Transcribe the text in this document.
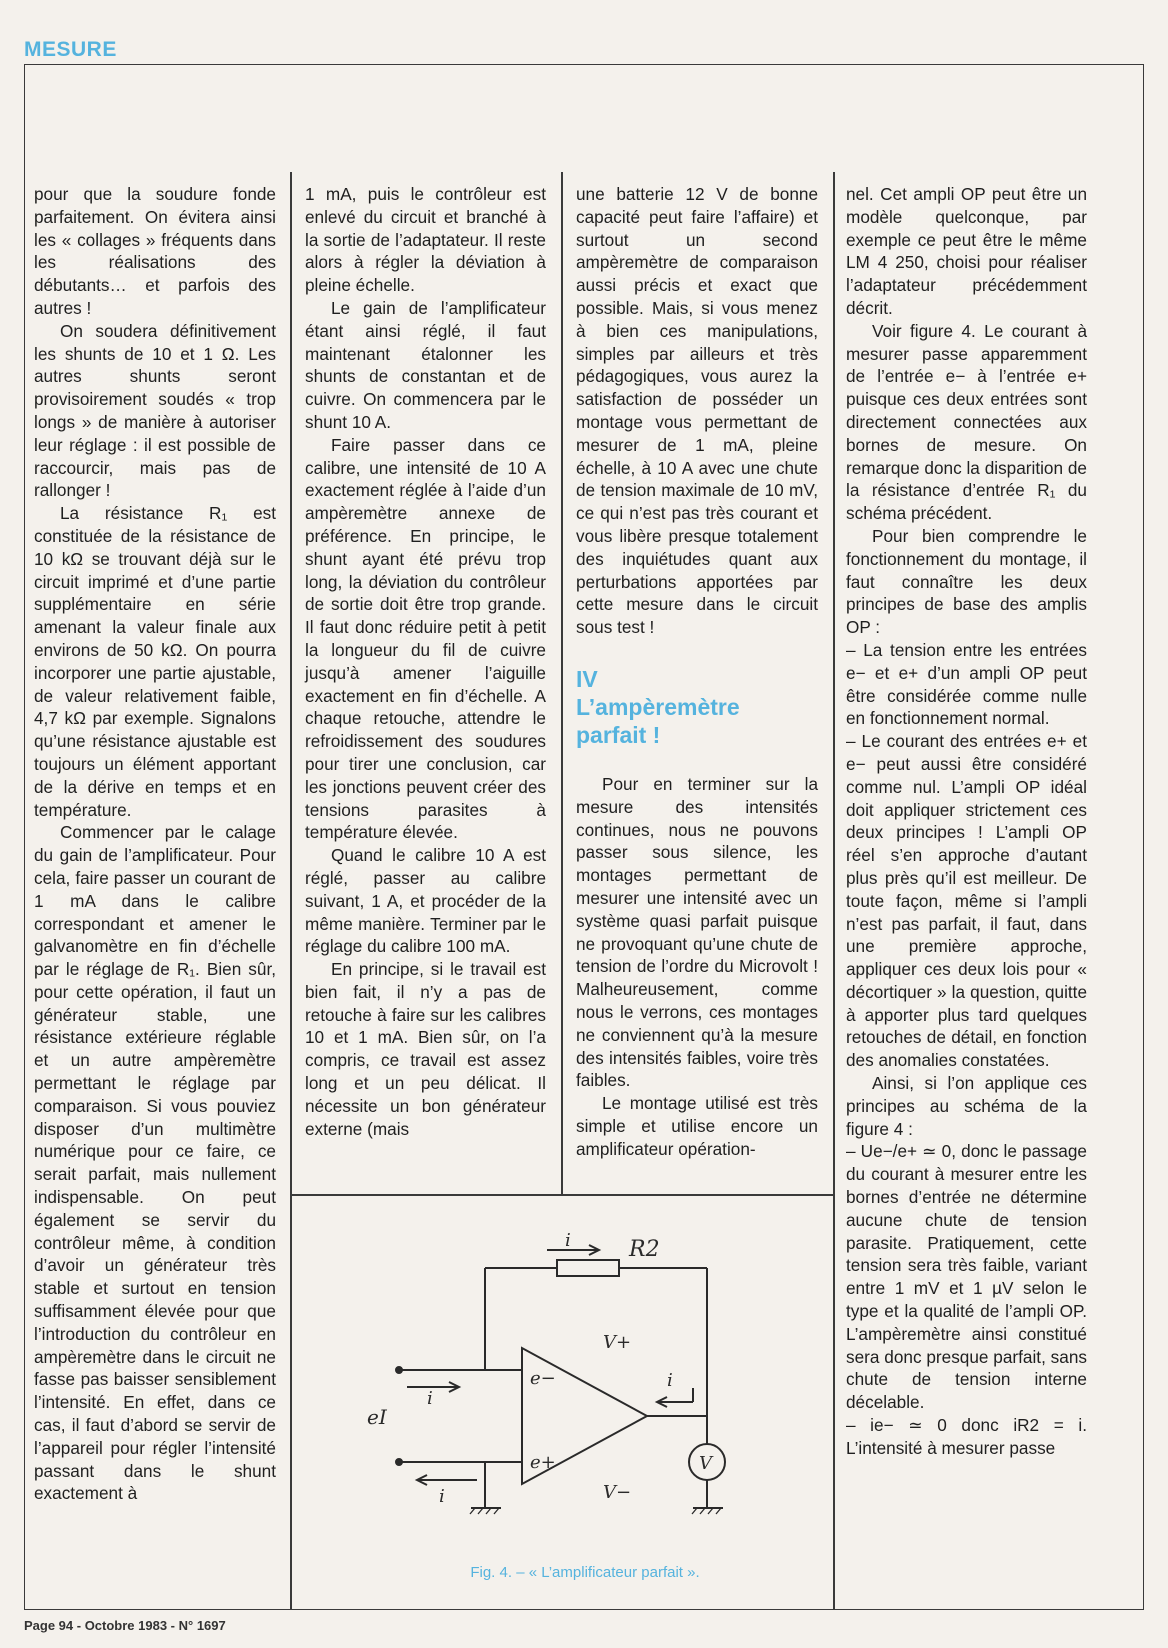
MESURE

pour que la soudure fonde parfaitement. On évitera ainsi les « collages » fréquents dans les réalisations des débutants… et parfois des autres !

On soudera définitivement les shunts de 10 et 1 Ω. Les autres shunts seront provisoirement soudés « trop longs » de manière à autoriser leur réglage : il est possible de raccourcir, mais pas de rallonger !

La résistance R₁ est constituée de la résistance de 10 kΩ se trouvant déjà sur le circuit imprimé et d’une partie supplémentaire en série amenant la valeur finale aux environs de 50 kΩ. On pourra incorporer une partie ajustable, de valeur relativement faible, 4,7 kΩ par exemple. Signalons qu’une résistance ajustable est toujours un élément apportant de la dérive en temps et en température.

Commencer par le calage du gain de l’amplificateur. Pour cela, faire passer un courant de 1 mA dans le calibre correspondant et amener le galvanomètre en fin d’échelle par le réglage de R₁. Bien sûr, pour cette opération, il faut un générateur stable, une résistance extérieure réglable et un autre ampèremètre permettant le réglage par comparaison. Si vous pouviez disposer d’un multimètre numérique pour ce faire, ce serait parfait, mais nullement indispensable. On peut également se servir du contrôleur même, à condition d’avoir un générateur très stable et surtout en tension suffisamment élevée pour que l’introduction du contrôleur en ampèremètre dans le circuit ne fasse pas baisser sensiblement l’intensité. En effet, dans ce cas, il faut d’abord se servir de l’appareil pour régler l’intensité passant dans le shunt exactement à

1 mA, puis le contrôleur est enlevé du circuit et branché à la sortie de l’adaptateur. Il reste alors à régler la déviation à pleine échelle.

Le gain de l’amplificateur étant ainsi réglé, il faut maintenant étalonner les shunts de constantan et de cuivre. On commencera par le shunt 10 A.

Faire passer dans ce calibre, une intensité de 10 A exactement réglée à l’aide d’un ampèremètre annexe de préférence. En principe, le shunt ayant été prévu trop long, la déviation du contrôleur de sortie doit être trop grande. Il faut donc réduire petit à petit la longueur du fil de cuivre jusqu’à amener l’aiguille exactement en fin d’échelle. A chaque retouche, attendre le refroidissement des soudures pour tirer une conclusion, car les jonctions peuvent créer des tensions parasites à température élevée.

Quand le calibre 10 A est réglé, passer au calibre suivant, 1 A, et procéder de la même manière. Terminer par le réglage du calibre 100 mA.

En principe, si le travail est bien fait, il n’y a pas de retouche à faire sur les calibres 10 et 1 mA. Bien sûr, on l’a compris, ce travail est assez long et un peu délicat. Il nécessite un bon générateur externe (mais

une batterie 12 V de bonne capacité peut faire l’affaire) et surtout un second ampèremètre de comparaison aussi précis et exact que possible. Mais, si vous menez à bien ces manipulations, simples par ailleurs et très pédagogiques, vous aurez la satisfaction de posséder un montage vous permettant de mesurer de 1 mA, pleine échelle, à 10 A avec une chute de tension maximale de 10 mV, ce qui n’est pas très courant et vous libère presque totalement des inquiétudes quant aux perturbations apportées par cette mesure dans le circuit sous test !

IV
L’ampèremètre
parfait !

Pour en terminer sur la mesure des intensités continues, nous ne pouvons passer sous silence, les montages permettant de mesurer une intensité avec un système quasi parfait puisque ne provoquant qu’une chute de tension de l’ordre du Microvolt ! Malheureusement, comme nous le verrons, ces montages ne conviennent qu’à la mesure des intensités faibles, voire très faibles.

Le montage utilisé est très simple et utilise encore un amplificateur opération-

nel. Cet ampli OP peut être un modèle quelconque, par exemple ce peut être le même LM 4 250, choisi pour réaliser l’adaptateur précédemment décrit.

Voir figure 4. Le courant à mesurer passe apparemment de l’entrée e− à l’entrée e+ puisque ces deux entrées sont directement connectées aux bornes de mesure. On remarque donc la disparition de la résistance d’entrée R₁ du schéma précédent.

Pour bien comprendre le fonctionnement du montage, il faut connaître les deux principes de base des amplis OP :

– La tension entre les entrées e− et e+ d’un ampli OP peut être considérée comme nulle en fonctionnement normal.

– Le courant des entrées e+ et e− peut aussi être considéré comme nul. L’ampli OP idéal doit appliquer strictement ces deux principes ! L’ampli OP réel s’en approche d’autant plus près qu’il est meilleur. De toute façon, même si l’ampli n’est pas parfait, il faut, dans une première approche, appliquer ces deux lois pour « décortiquer » la question, quitte à apporter plus tard quelques retouches de détail, en fonction des anomalies constatées.

Ainsi, si l’on applique ces principes au schéma de la figure 4 :

– Ue−/e+ ≃ 0, donc le passage du courant à mesurer entre les bornes d’entrée ne détermine aucune chute de tension parasite. Pratiquement, cette tension sera très faible, variant entre 1 mV et 1 µV selon le type et la qualité de l’ampli OP. L’ampèremètre ainsi constitué sera donc presque parfait, sans chute de tension interne décelable.

– ie− ≃ 0 donc iR2 = i. L’intensité à mesurer passe

i	R2
V+
V−
e−
e+
i
i
i
eI
V
Fig. 4. – « L’amplificateur parfait ».
Page 94 - Octobre 1983 - N° 1697
